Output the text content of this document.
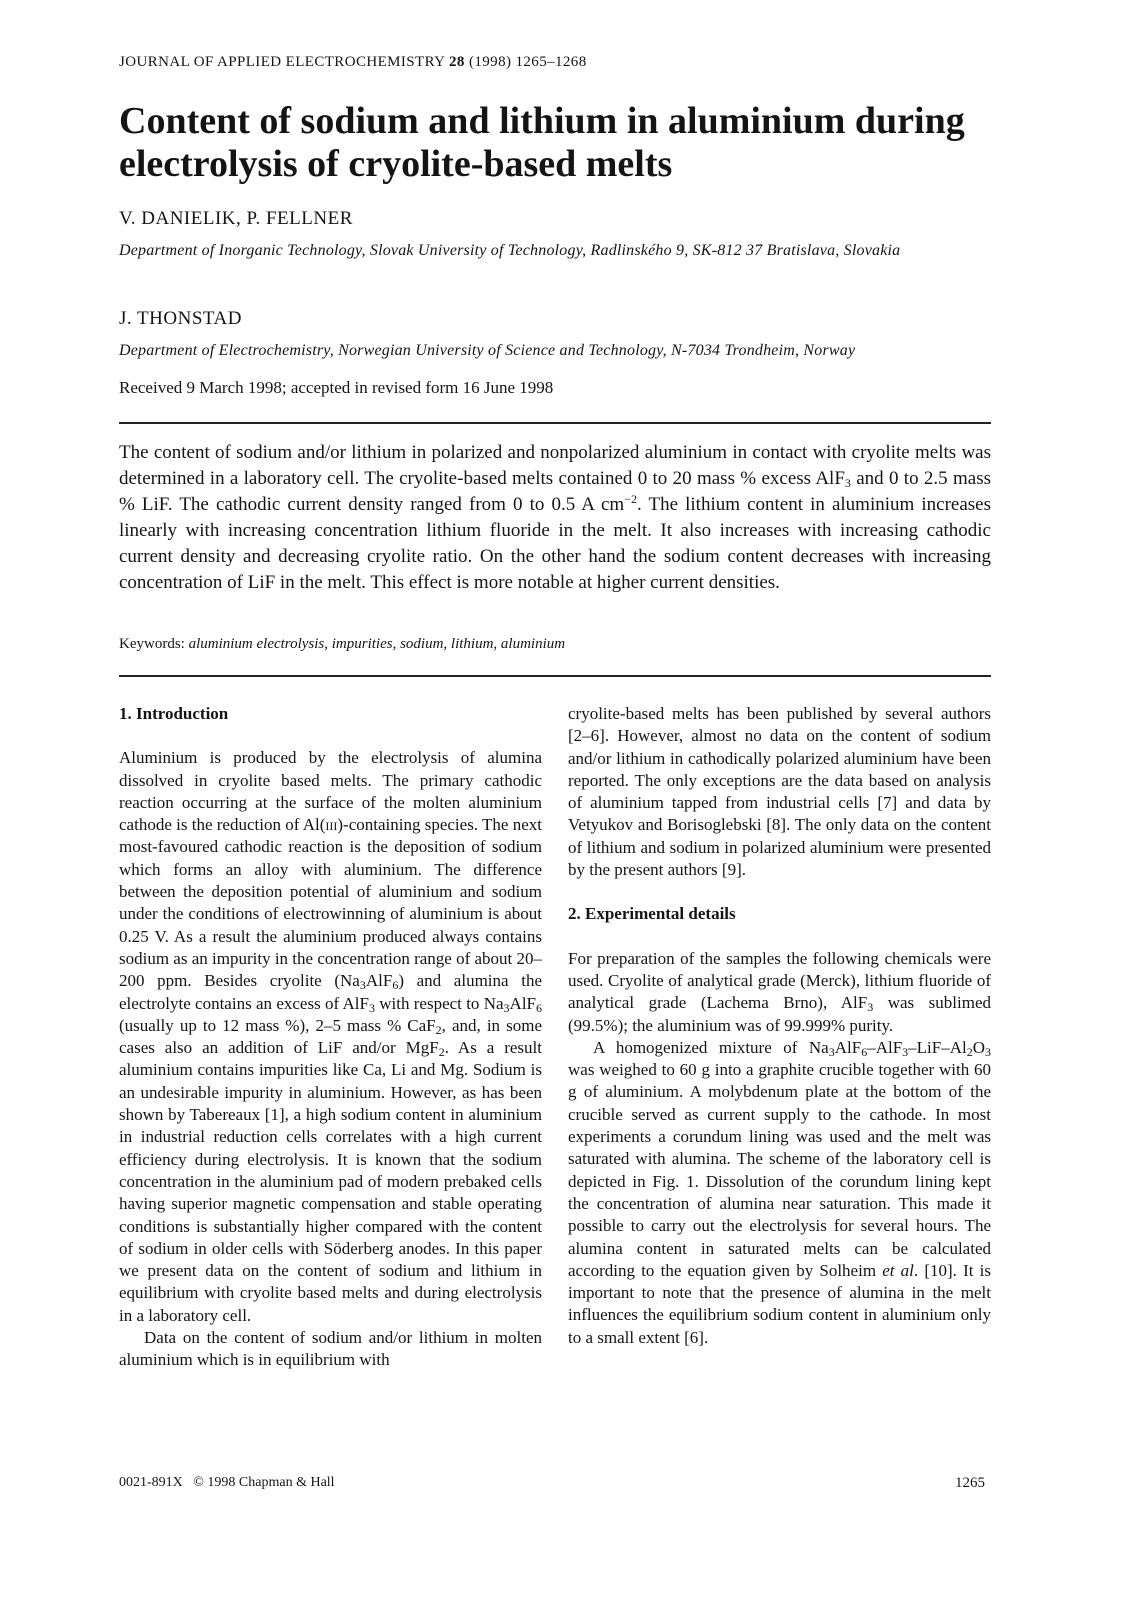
JOURNAL OF APPLIED ELECTROCHEMISTRY 28 (1998) 1265–1268
Content of sodium and lithium in aluminium during electrolysis of cryolite-based melts
V. DANIELIK, P. FELLNER
Department of Inorganic Technology, Slovak University of Technology, Radlinského 9, SK-812 37 Bratislava, Slovakia
J. THONSTAD
Department of Electrochemistry, Norwegian University of Science and Technology, N-7034 Trondheim, Norway
Received 9 March 1998; accepted in revised form 16 June 1998

The content of sodium and/or lithium in polarized and nonpolarized aluminium in contact with cryolite melts was determined in a laboratory cell. The cryolite-based melts contained 0 to 20 mass % excess AlF$_3$ and 0 to 2.5 mass % LiF. The cathodic current density ranged from 0 to 0.5 A $cm^{-2}$. The lithium content in aluminium increases linearly with increasing concentration lithium fluoride in the melt. It also increases with increasing cathodic current density and decreasing cryolite ratio. On the other hand the sodium content decreases with increasing concentration of LiF in the melt. This effect is more notable at higher current densities.

Keywords: aluminium electrolysis, impurities, sodium, lithium, aluminium
1. Introduction

Aluminium is produced by the electrolysis of alumina dissolved in cryolite based melts. The primary cathodic reaction occurring at the surface of the molten aluminium cathode is the reduction of Al(iii)-containing species. The next most-favoured cathodic reaction is the deposition of sodium which forms an alloy with aluminium. The difference between the deposition potential of aluminium and sodium under the conditions of electrowinning of aluminium is about 0.25 V. As a result the aluminium produced always contains sodium as an impurity in the concentration range of about 20–200 ppm. Besides cryolite $(Na_3AlF_6)$ and alumina the electrolyte contains an excess of AlF$_3$ with respect to $Na_3AlF_6$ (usually up to 12 mass %), 2–5 mass % CaF$_2$, and, in some cases also an addition of LiF and/or MgF$_2$. As a result aluminium contains impurities like Ca, Li and Mg. Sodium is an undesirable impurity in aluminium. However, as has been shown by Tabereaux [1], a high sodium content in aluminium in industrial reduction cells correlates with a high current efficiency during electrolysis. It is known that the sodium concentration in the aluminium pad of modern prebaked cells having superior magnetic compensation and stable operating conditions is substantially higher compared with the content of sodium in older cells with Söderberg anodes. In this paper we present data on the content of sodium and lithium in equilibrium with cryolite based melts and during electrolysis in a laboratory cell.

Data on the content of sodium and/or lithium in molten aluminium which is in equilibrium with

cryolite-based melts has been published by several authors [2–6]. However, almost no data on the content of sodium and/or lithium in cathodically polarized aluminium have been reported. The only exceptions are the data based on analysis of aluminium tapped from industrial cells [7] and data by Vetyukov and Borisoglebski [8]. The only data on the content of lithium and sodium in polarized aluminium were presented by the present authors [9].

2. Experimental details

For preparation of the samples the following chemicals were used. Cryolite of analytical grade (Merck), lithium fluoride of analytical grade (Lachema Brno), AlF$_3$ was sublimed (99.5%); the aluminium was of 99.999% purity.

A homogenized mixture of $Na_3AlF_6-AlF_3-LiF-Al_2O_3$ was weighed to 60 g into a graphite crucible together with 60 g of aluminium. A molybdenum plate at the bottom of the crucible served as current supply to the cathode. In most experiments a corundum lining was used and the melt was saturated with alumina. The scheme of the laboratory cell is depicted in Fig. 1. Dissolution of the corundum lining kept the concentration of alumina near saturation. This made it possible to carry out the electrolysis for several hours. The alumina content in saturated melts can be calculated according to the equation given by Solheim et al. [10]. It is important to note that the presence of alumina in the melt influences the equilibrium sodium content in aluminium only to a small extent [6].

0021-891X © 1998 Chapman & Hall	1265
